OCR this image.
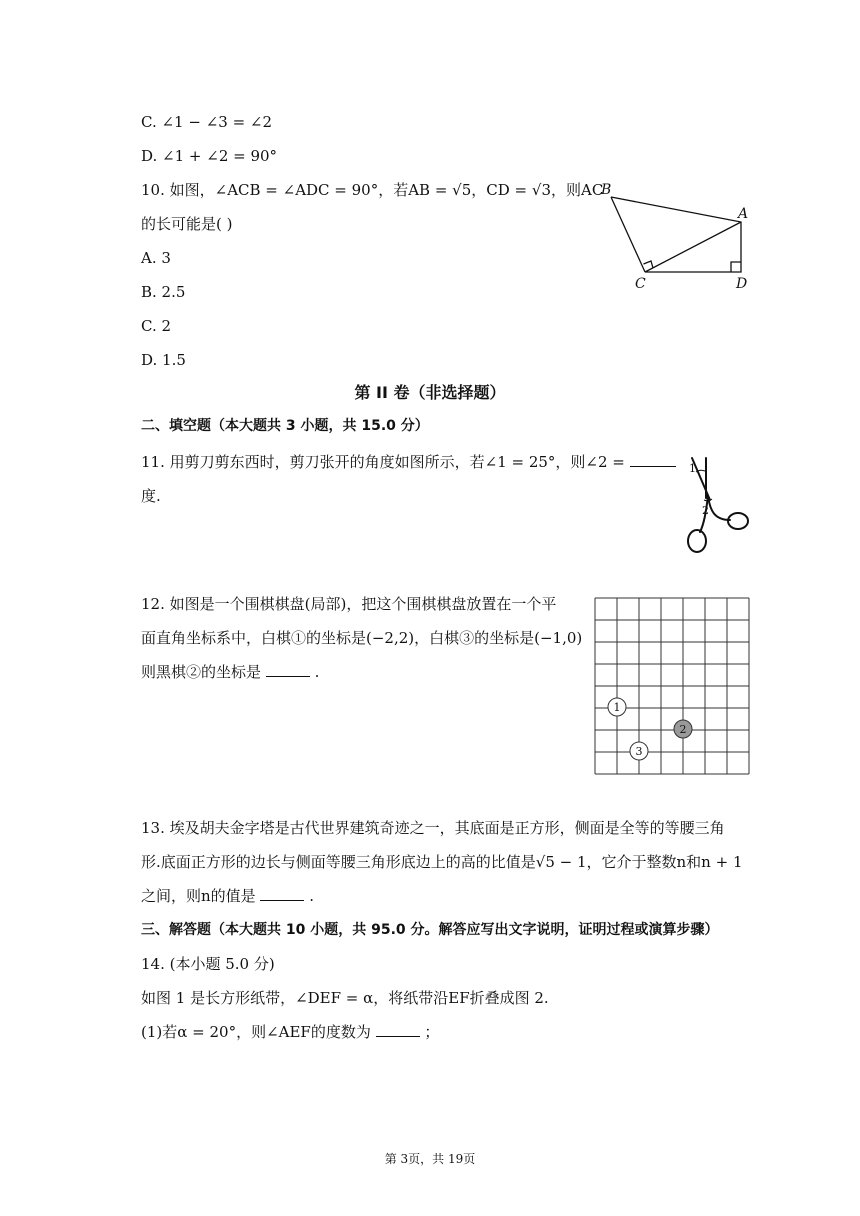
C. ∠1 − ∠3 = ∠2
D. ∠1 + ∠2 = 90°
10. 如图，∠ACB = ∠ADC = 90°，若AB = √5，CD = √3，则AC
的长可能是( )
A. 3
B. 2.5
C. 2
D. 1.5
B
A
C	D
第 II 卷（非选择题）
二、填空题（本大题共 3 小题，共 15.0 分）
11. 用剪刀剪东西时，剪刀张开的角度如图所示，若∠1 = 25°，则∠2 =
度.
1
2
12. 如图是一个围棋棋盘(局部)，把这个围棋棋盘放置在一个平
面直角坐标系中，白棋①的坐标是(−2,2)，白棋③的坐标是(−1,0)
则黑棋②的坐标是	.
1
2
3
13. 埃及胡夫金字塔是古代世界建筑奇迹之一，其底面是正方形，侧面是全等的等腰三角
形.底面正方形的边长与侧面等腰三角形底边上的高的比值是√5 − 1，它介于整数n和n + 1
之间，则n的值是	.
三、解答题（本大题共 10 小题，共 95.0 分。解答应写出文字说明，证明过程或演算步骤）
14. (本小题 5.0 分)
如图 1 是长方形纸带，∠DEF = α，将纸带沿EF折叠成图 2.
(1)若α = 20°，则∠AEF的度数为	；
第 3页，共 19页
